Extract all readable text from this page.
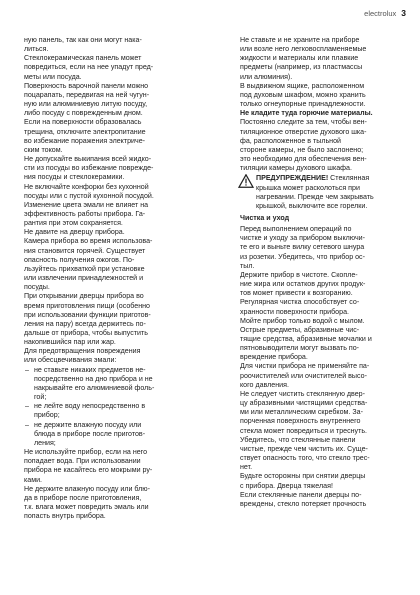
electrolux 3
ную панель, так как они могут нака-
литься.
• Стеклокерамическая панель может
повредиться, если на нее упадут пред-
меты или посуда.
• Поверхность варочной панели можно
поцарапать, передвигая на ней чугун-
ную или алюминиевую литую посуду,
либо посуду с поврежденным дном.
• Если на поверхности образовалась
трещина, отключите электропитание
во избежание поражения электриче-
ским током.
• Не допускайте выкипания всей жидко-
сти из посуды во избежание поврежде-
ния посуды и стеклокерамики.
• Не включайте конфорки без кухонной
посуды или с пустой кухонной посудой.
• Изменение цвета эмали не влияет на
эффективность работы прибора. Га-
рантия при этом сохраняется.
• Не давите на дверцу прибора.
• Камера прибора во время использова-
ния становится горячей. Существует
опасность получения ожогов. По-
льзуйтесь прихваткой при установке
или извлечении принадлежностей и
посуды.
• При открывании дверцы прибора во
время приготовления пищи (особенно
при использовании функции приготов-
ления на пару) всегда держитесь по-
дальше от прибора, чтобы выпустить
накопившийся пар или жар.
• Для предотвращения повреждения
или обесцвечивания эмали:
– не ставьте никаких предметов не-
посредственно на дно прибора и не
накрывайте его алюминиевой фоль-
гой;
– не лейте воду непосредственно в
прибор;
– не держите влажную посуду или
блюда в приборе после приготов-
ления;
• Не используйте прибор, если на него
попадает вода. При использовании
прибора не касайтесь его мокрыми ру-
ками.
• Не держите влажную посуду или блю-
да в приборе после приготовления,
т.к. влага может повредить эмаль или
попасть внутрь прибора.
• Не ставьте и не храните на приборе
или возле него легковоспламеняемые
жидкости и материалы или плавкие
предметы (например, из пластмассы
или алюминия).
• В выдвижном ящике, расположенном
под духовым шкафом, можно хранить
только огнеупорные принадлежности.
Не кладите туда горючие материалы.
• Постоянно следите за тем, чтобы вен-
тиляционное отверстие духового шка-
фа, расположенное в тыльной
стороне камеры, не было заслонено;
это необходимо для обеспечения вен-
тиляции камеры духового шкафа.
ПРЕДУПРЕЖДЕНИЕ! Стеклянная
крышка может расколоться при
нагревании. Прежде чем закрывать
крышкой, выключите все горелки.
Чистка и уход
• Перед выполнением операций по
чистке и уходу за прибором выключи-
те его и выньте вилку сетевого шнура
из розетки. Убедитесь, что прибор ос-
тыл.
• Держите прибор в чистоте. Скопле-
ние жира или остатков других продук-
тов может привести к возгоранию.
• Регулярная чистка способствует со-
хранности поверхности прибора.
• Мойте прибор только водой с мылом.
Острые предметы, абразивные чис-
тящие средства, абразивные мочалки и
пятновыводители могут вызвать по-
вреждение прибора.
• Для чистки прибора не применяйте па-
роочистителей или очистителей высо-
кого давления.
• Не следует чистить стеклянную двер-
цу абразивными чистящими средства-
ми или металлическим скребком. За-
порченная поверхность внутреннего
стекла может повредиться и треснуть.
• Убедитесь, что стеклянные панели
чистые, прежде чем чистить их. Суще-
ствует опасность того, что стекло трес-
нет.
• Будьте осторожны при снятии дверцы
с прибора. Дверца тяжелая!
• Если стеклянные панели дверцы по-
вреждены, стекло потеряет прочность
